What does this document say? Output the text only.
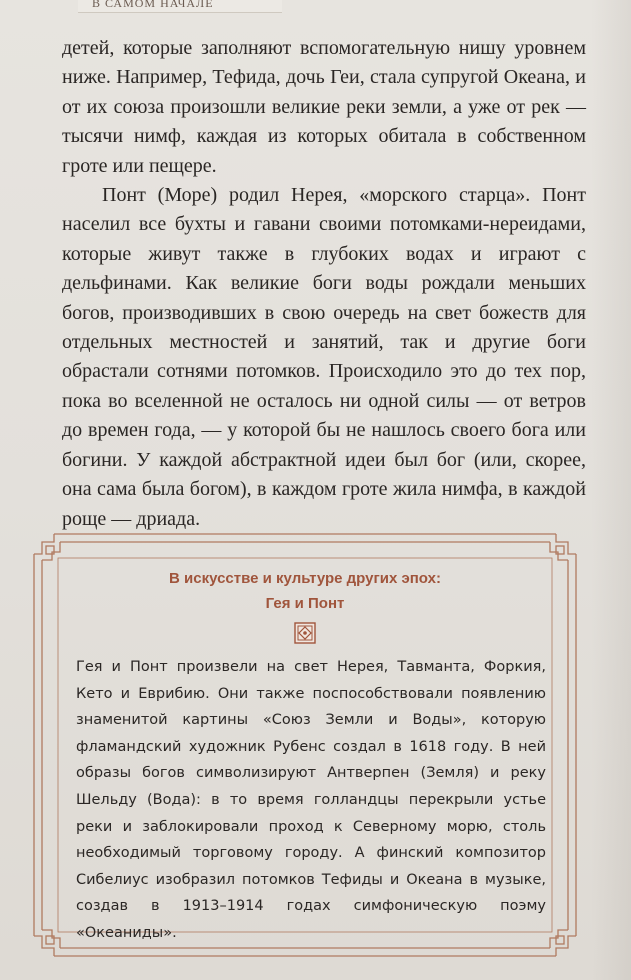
В САМОМ НАЧАЛЕ

детей, которые заполняют вспомогательную нишу уровнем ниже. Например, Тефида, дочь Геи, стала супругой Океана, и от их союза произошли великие реки земли, а уже от рек — тысячи нимф, каждая из которых обитала в собственном гроте или пещере.

Понт (Море) родил Нерея, «морского старца». Понт населил все бухты и гавани своими потомками-нереидами, которые живут также в глубоких водах и играют с дельфинами. Как великие боги воды рождали меньших богов, производивших в свою очередь на свет божеств для отдельных местностей и занятий, так и другие боги обрастали сотнями потомков. Происходило это до тех пор, пока во вселенной не осталось ни одной силы — от ветров до времен года, — у которой бы не нашлось своего бога или богини. У каждой абстрактной идеи был бог (или, скорее, она сама была богом), в каждом гроте жила нимфа, в каждой роще — дриада.

В искусстве и культуре других эпох:
Гея и Понт

Гея и Понт произвели на свет Нерея, Тавманта, Форкия, Кето и Еврибию. Они также поспособствовали появлению знаменитой картины «Союз Земли и Воды», которую фламандский художник Рубенс создал в 1618 году. В ней образы богов символизируют Антверпен (Земля) и реку Шельду (Вода): в то время голландцы перекрыли устье реки и заблокировали проход к Северному морю, столь необходимый торговому городу. А финский композитор Сибелиус изобразил потомков Тефиды и Океана в музыке, создав в 1913–1914 годах симфоническую поэму «Океаниды».
